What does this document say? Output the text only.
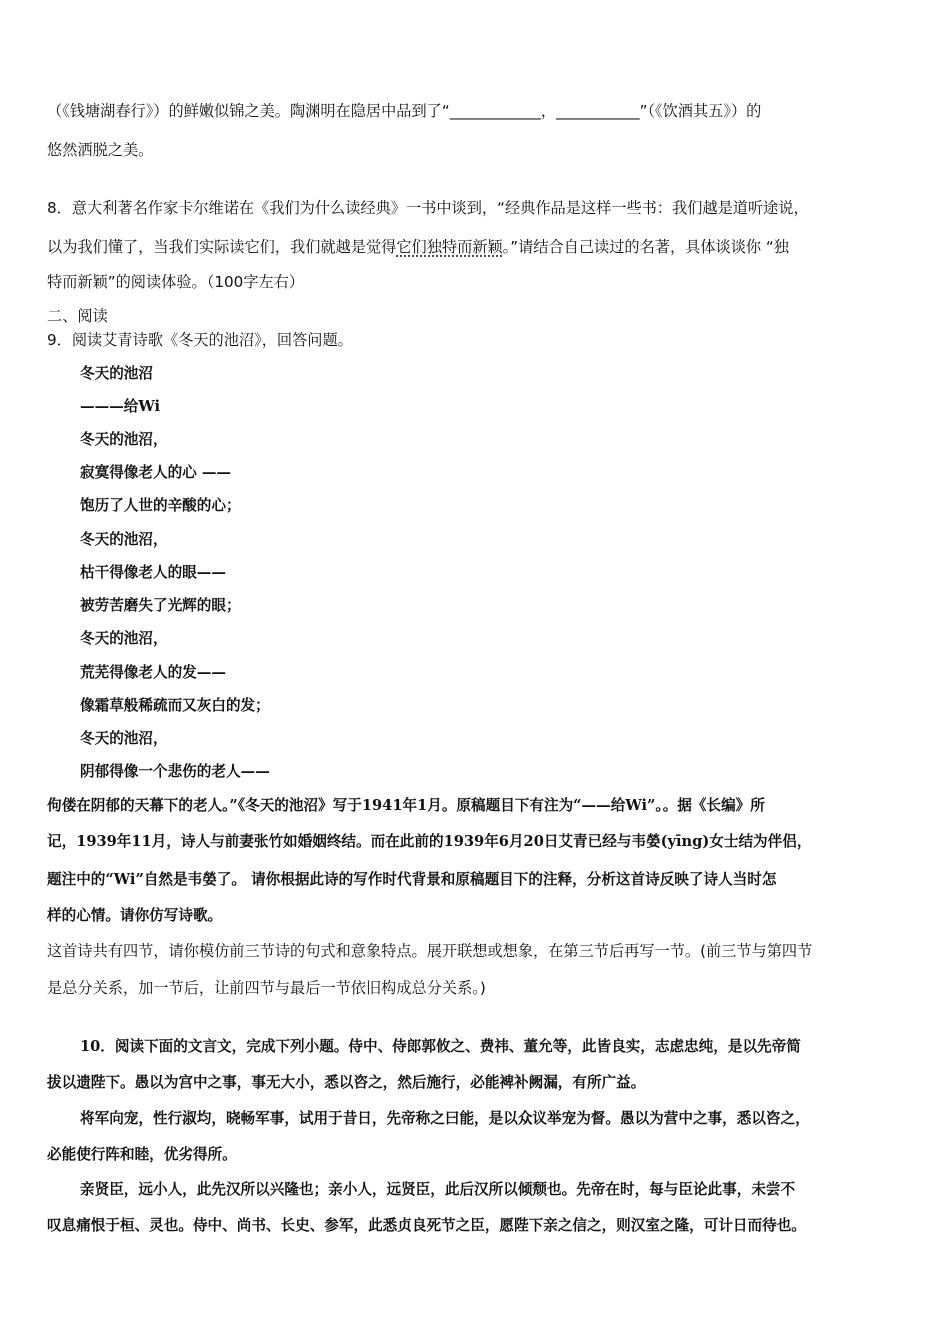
（《钱塘湖春行》）的鲜嫩似锦之美。陶渊明在隐居中品到了“____________，___________”（《饮酒其五》）的
悠然洒脱之美。
8．意大利著名作家卡尔维诺在《我们为什么读经典》一书中谈到，“经典作品是这样一些书：我们越是道听途说，
以为我们懂了，当我们实际读它们，我们就越是觉得它们独特而新颖。”请结合自己读过的名著，具体谈谈你 “独
特而新颖”的阅读体验。（100字左右）
二、阅读
9．阅读艾青诗歌《冬天的池沼》，回答问题。
冬天的池沼
———给Wi
冬天的池沼，
寂寞得像老人的心 ——
饱历了人世的辛酸的心；
冬天的池沼，
枯干得像老人的眼——
被劳苦磨失了光辉的眼；
冬天的池沼，
荒芜得像老人的发——
像霜草般稀疏而又灰白的发；
冬天的池沼，
阴郁得像一个悲伤的老人——
佝偻在阴郁的天幕下的老人。”《冬天的池沼》写于1941年1月。原稿题目下有注为“——给Wi”。。据《长编》所
记，1939年11月，诗人与前妻张竹如婚姻终结。而在此前的1939年6月20日艾青已经与韦嫈(yīng)女士结为伴侣，
题注中的“Wi”自然是韦嫈了。 请你根据此诗的写作时代背景和原稿题目下的注释，分析这首诗反映了诗人当时怎
样的心情。请你仿写诗歌。
这首诗共有四节，请你模仿前三节诗的句式和意象特点。展开联想或想象，在第三节后再写一节。(前三节与第四节
是总分关系，加一节后，让前四节与最后一节依旧构成总分关系。)
10．阅读下面的文言文，完成下列小题。侍中、侍郎郭攸之、费祎、董允等，此皆良实，志虑忠纯，是以先帝简
拔以遗陛下。愚以为宫中之事，事无大小，悉以咨之，然后施行，必能裨补阙漏，有所广益。
将军向宠，性行淑均，晓畅军事，试用于昔日，先帝称之曰能，是以众议举宠为督。愚以为营中之事，悉以咨之，
必能使行阵和睦，优劣得所。
亲贤臣，远小人，此先汉所以兴隆也；亲小人，远贤臣，此后汉所以倾颓也。先帝在时，每与臣论此事，未尝不
叹息痛恨于桓、灵也。侍中、尚书、长史、参军，此悉贞良死节之臣，愿陛下亲之信之，则汉室之隆，可计日而待也。
